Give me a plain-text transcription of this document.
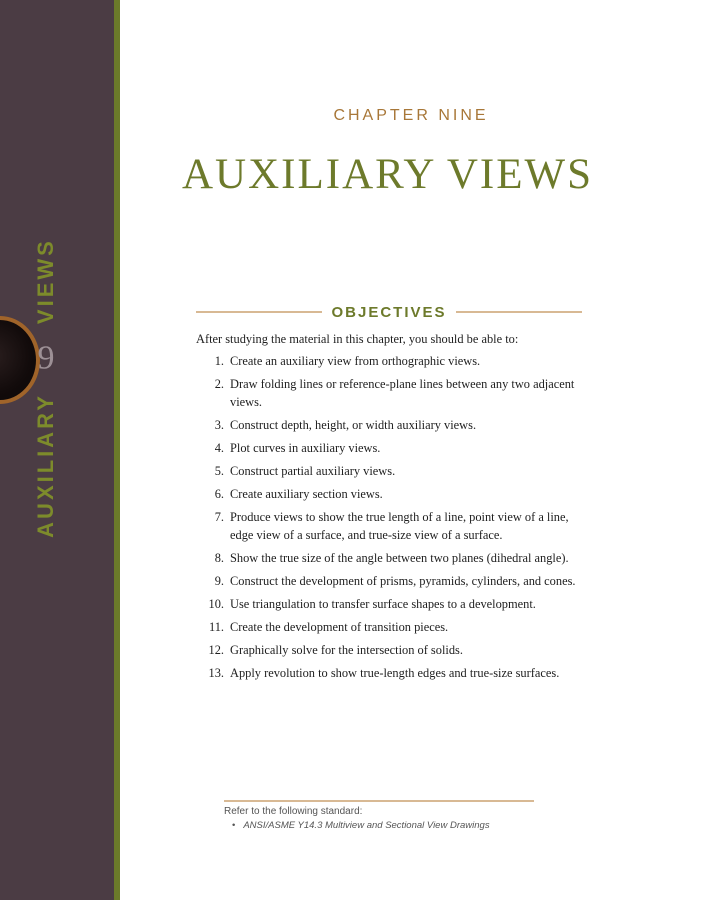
AUXILIARY
9
VIEWS
CHAPTER NINE
AUXILIARY VIEWS
OBJECTIVES
After studying the material in this chapter, you should be able to:
1. Create an auxiliary view from orthographic views.
2. Draw folding lines or reference-plane lines between any two adjacent views.
3. Construct depth, height, or width auxiliary views.
4. Plot curves in auxiliary views.
5. Construct partial auxiliary views.
6. Create auxiliary section views.
7. Produce views to show the true length of a line, point view of a line, edge view of a surface, and true-size view of a surface.
8. Show the true size of the angle between two planes (dihedral angle).
9. Construct the development of prisms, pyramids, cylinders, and cones.
10. Use triangulation to transfer surface shapes to a development.
11. Create the development of transition pieces.
12. Graphically solve for the intersection of solids.
13. Apply revolution to show true-length edges and true-size surfaces.
Refer to the following standard:
• ANSI/ASME Y14.3 Multiview and Sectional View Drawings
